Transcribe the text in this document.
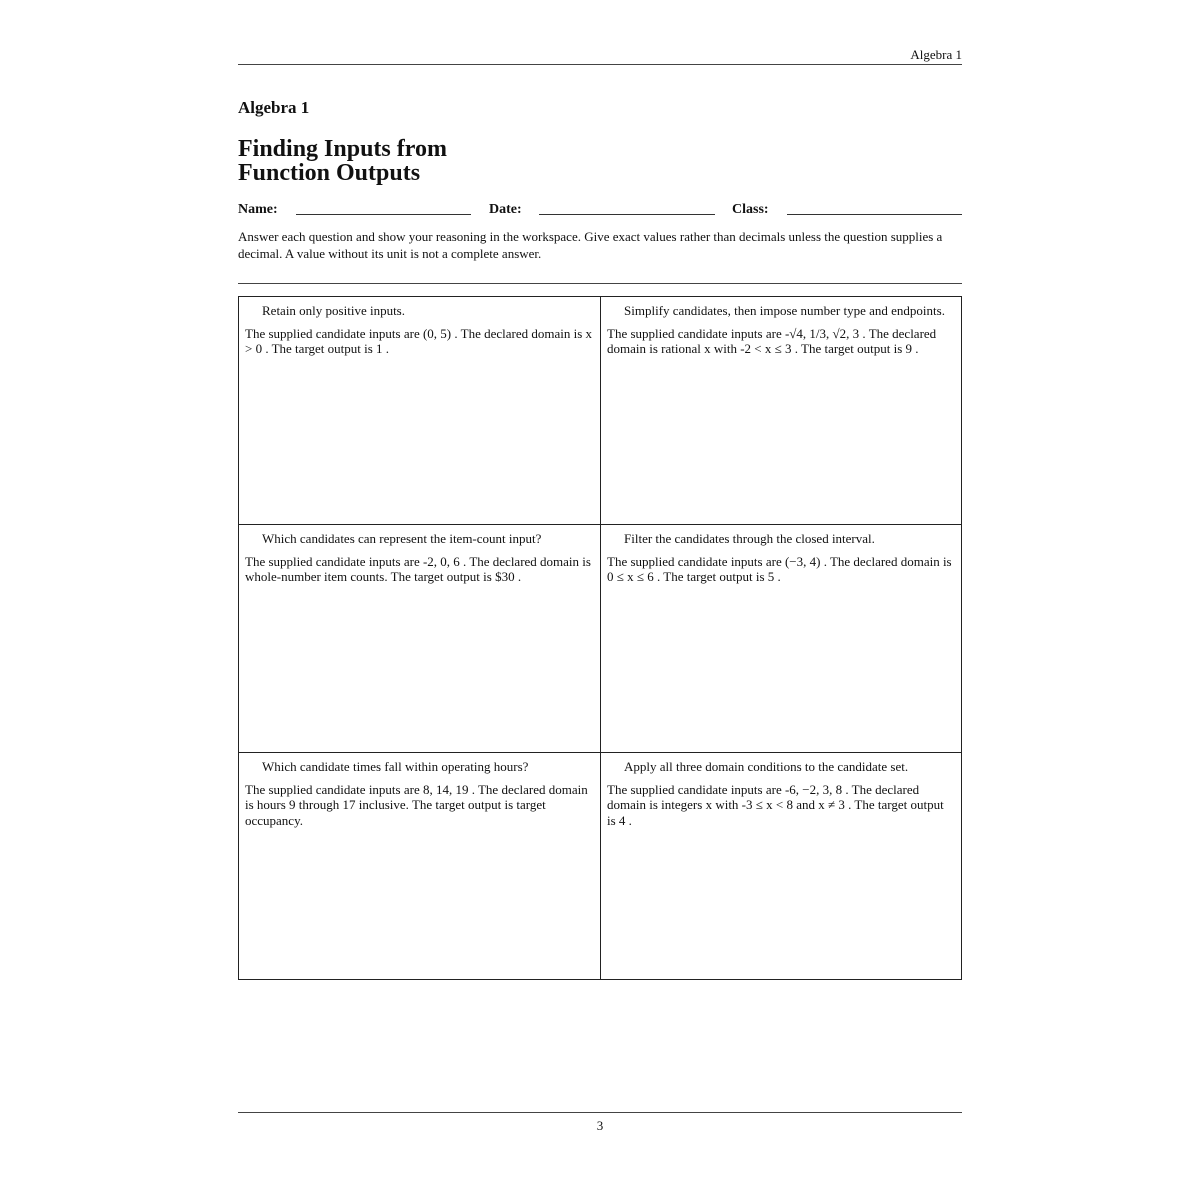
Algebra 1
Algebra 1
Finding Inputs from
Function Outputs
Name:	Date:	Class:
Answer each question and show your reasoning in the workspace. Give exact values rather than decimals unless the question supplies a decimal. A value without its unit is not a complete answer.
Retain only positive inputs.
The supplied candidate inputs are (0, 5) . The declared domain is x > 0 . The target output is 1 .
Simplify candidates, then impose number type and endpoints.
The supplied candidate inputs are -√4, 1/3, √2, 3 . The declared domain is rational x with -2 < x ≤ 3 . The target output is 9 .
Which candidates can represent the item-count input?
The supplied candidate inputs are -2, 0, 6 . The declared domain is whole-number item counts. The target output is $30 .
Filter the candidates through the closed interval.
The supplied candidate inputs are (−3, 4) . The declared domain is 0 ≤ x ≤ 6 . The target output is 5 .
Which candidate times fall within operating hours?
The supplied candidate inputs are 8, 14, 19 . The declared domain is hours 9 through 17 inclusive. The target output is target occupancy.
Apply all three domain conditions to the candidate set.
The supplied candidate inputs are -6, −2, 3, 8 . The declared domain is integers x with -3 ≤ x < 8 and x ≠ 3 . The target output is 4 .
3
